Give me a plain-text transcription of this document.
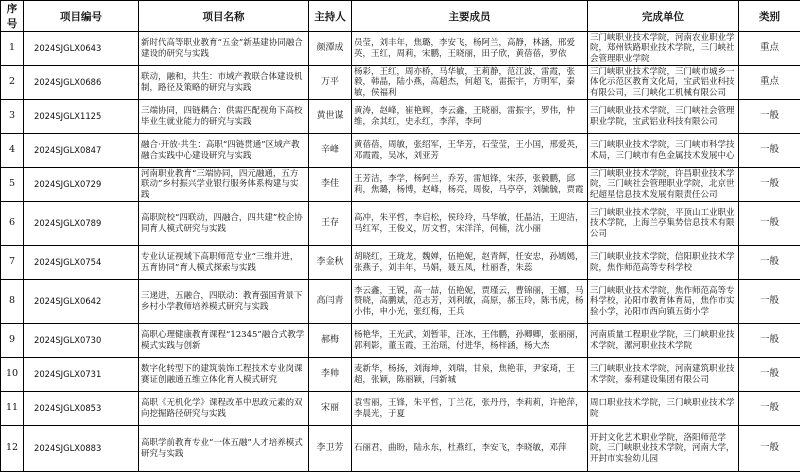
序号	项目编号	项目名称	主持人	主要成员	完成单位	类别
1	2024SJGLX0643	新时代高等职业教育“五金”新基建协同融合建设的研究与实践	颜潭成	员莹，刘丰年，焦璐，李安飞，杨阿兰，高静，林涵，邢爱英，王红，周莉，宋鹏，王晓丽，田子欣，黄蓓蓓，罗依	三门峡职业技术学院，河南农业职业学院，郑州铁路职业技术学院，三门峡社会管理职业学院	重点
2	2024SJGLX0686	联动，融和，共生：市域产教联合体建设机制，路径及策略的研究与实践	万平	杨彩，王红，周亦桥，马华敏，王莉静，范江波，雷霞，张毅，韩晶，陆小燕，高超杰，何超飞，雷振宇，方明军，秦敏，侯福利	三门峡职业技术学院，三门峡市城乡一体化示范区教育文化局，宝武铝业科技有限公司，三门峡化工机械有限公司	重点
3	2024SJGLX1125	三端协同，四链耦合：供需匹配视角下高校毕业生就业能力的研究与实践	黄世谋	黄涛，赵峰，崔艳辉，李云鑫，王晓丽，雷振宇，罗伟，仲维，余其红，史永红，李萍，李珂	三门峡职业技术学院，三门峡社会管理职业学院，宝武铝业科技有限公司	一般
4	2024SJGLX0847	融合·开放·共生：高职“四链贯通”区域产教融合实践中心建设研究与实践	辛峰	黄蓓蓓，周敏，张绍军，王华芳，石莹莹，王小国，邢爱英，邓霞霞，吴冰，刘亚芳	三门峡职业技术学院，三门峡市科学技术局，三门峡市有色金属技术发展中心	一般
5	2024SJGLX0729	河南职业教育“三端协同，四元融通，五方联动”乡村振兴学业银行服务体系构建与实践	李佳	王芳洁，李学，杨阿兰，乔芳，雷旭锋，宋莎，张毅鹏，邱莉，焦璐，杨博，赵峰，杨亮，周俊，马亭亭，刘毓毓，贾霞	三门峡职业技术学院，许昌职业技术学院，三门峡社会管理职业学院，北京世纪超星信息技术发展有限责任公司	一般
6	2024SJGLX0789	高职院校“四联动，四融合，四共建”校企协同育人模式研究与实践	王存	高冲，朱平哲，李启松，侯玲玲，马华敏，任晶洁，王迎洁，马红军，王俊义，厉文哲，宋洋洋，何楠，沈小丽	三门峡职业技术学院，平顶山工业职业技术学院，上海兰亭集势信息技术有限公司	一般
7	2024SJGLX0754	专业认证视域下高职师范专业“三维并进，五育协同”育人模式探索与实践	李金秋	胡晓红，王珑龙，魏婵，伍艳妮，赵青辉，任安忠，孙嫣嫣，张燕子，刘丰年，马娟，聂五凤，杜丽香，朱蕊	三门峡职业技术学院，信阳职业技术学院，焦作师范高等专科学校	一般
8	2024SJGLX0642	三递进，五融合，四联动：教育强国背景下乡村小学教师培养模式研究与实践	高闫青	李云鑫，王锐，高一喆，伍艳妮，贾瑾云，曹锦丽，王娜，马赞晓，高鹏斌，范志芳，刘利敏，高原，郝玉玲，陈书虎，杨小伟，申小光，张红梅，王兵	三门峡职业技术学院，焦作师范高等专科学校，沁阳市教育体育局，焦作市实验小学，沁阳市西向镇五街小学	一般
9	2024SJGLX0730	高职心理健康教育课程“12345”融合式教学模式实践与创新	郝梅	杨艳华，王光武，刘暂菲，汪冰，王伟鹏，孙卿卿，张丽丽，郭利影，董玉霞，王治瑶，付进华，杨梓涵，杨大杰	河南质量工程职业学院，三门峡职业技术学院，漯河职业技术学院	一般
10	2024SJGLX0731	数字化转型下的建筑装饰工程技术专业岗课赛证创融通五维立体化育人模式研究	李帅	麦新华，杨扬，刘海坤，刘瑞，甘泉，焦艳菲，尹家琦，王超，张颖，陈丽颖，闫新城	三门峡职业技术学院，河南建筑职业技术学院，泰利建设集团有限公司	一般
11	2024SJGLX0853	高职《无机化学》课程改革中思政元素的双向挖掘路径研究与实践	宋丽	袁雪丽，王锋，朱平哲，丁兰花，张丹丹，李莉莉，许艳萍，李晨光，于夏	周口职业技术学院，三门峡职业技术学院	一般
12	2024SJGLX0883	高职学前教育专业“一体五融”人才培养模式研究与实践	李卫芳	石丽君，曲盼，陆永东，杜燕红，李安飞，李晓敏，邓萍	开封文化艺术职业学院，洛阳师范学院，三门峡职业技术学院，河南大学，开封市实验幼儿园	一般
